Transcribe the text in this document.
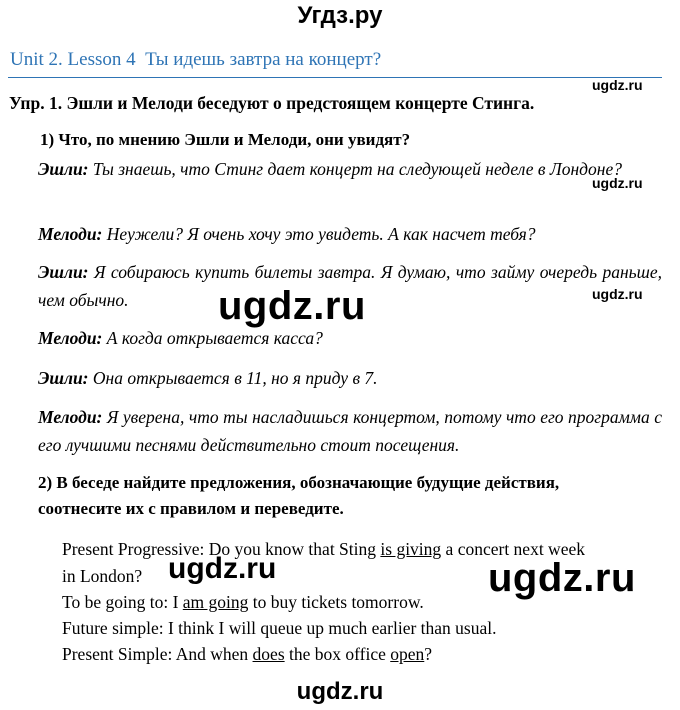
Угдз.ру
Unit 2. Lesson 4 Ты идешь завтра на концерт?
ugdz.ru
Упр. 1. Эшли и Мелоди беседуют о предстоящем концерте Стинга.
1) Что, по мнению Эшли и Мелоди, они увидят?
Эшли: Ты знаешь, что Стинг дает концерт на следующей неделе в Лондоне?
ugdz.ru
Мелоди: Неужели? Я очень хочу это увидеть. А как насчет тебя?
Эшли: Я собираюсь купить билеты завтра. Я думаю, что займу очередь раньше, чем обычно.	ugdz.ru
ugdz.ru
Мелоди: А когда открывается касса?
Эшли: Она открывается в 11, но я приду в 7.
Мелоди: Я уверена, что ты насладишься концертом, потому что его программа с его лучшими песнями действительно стоит посещения.
2) В беседе найдите предложения, обозначающие будущие действия,
соотнесите их с правилом и переведите.
Present Progressive: Do you know that Sting is giving a concert next week
in London? ugdz.ru	ugdz.ru
To be going to: I am going to buy tickets tomorrow.
Future simple: I think I will queue up much earlier than usual.
Present Simple: And when does the box office open?
ugdz.ru
